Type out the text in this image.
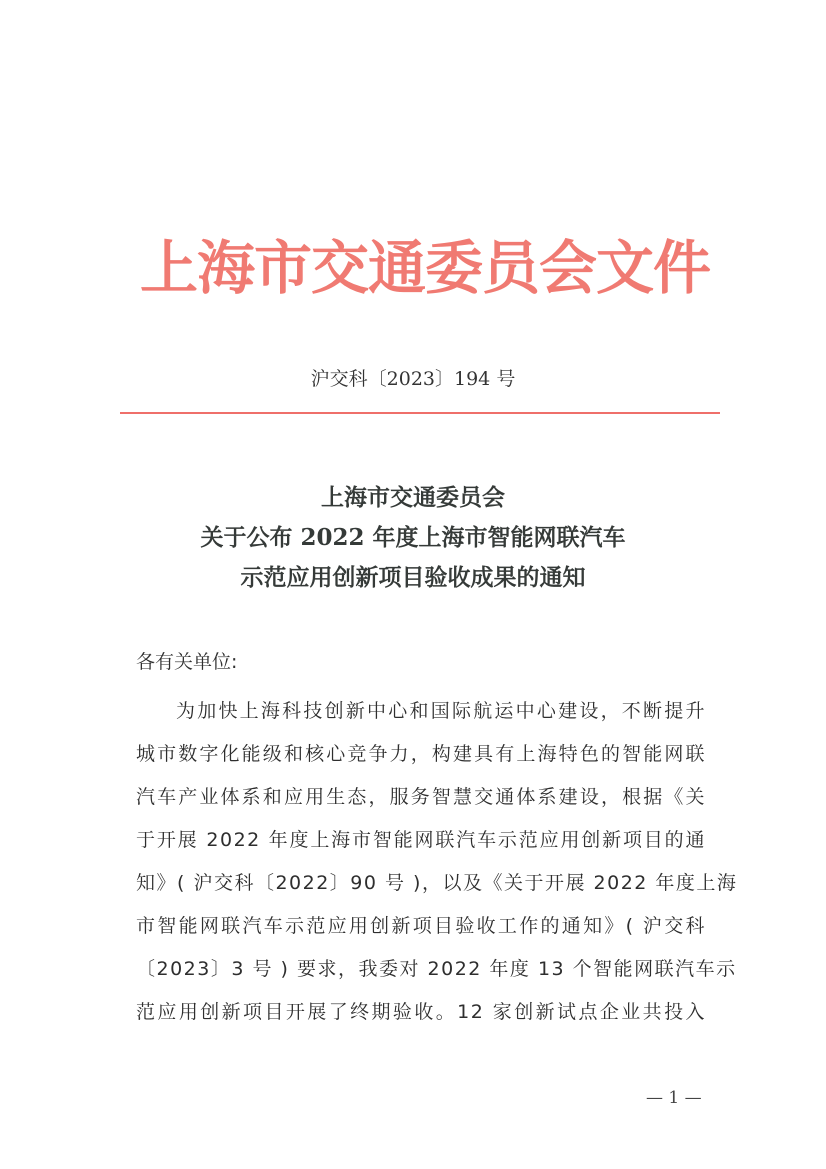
上
海
市
交
通
委
员
会
文
件
沪交科〔2023〕194 号
上海市交通委员会
关于公布 2022 年度上海市智能网联汽车
示范应用创新项目验收成果的通知
各有关单位:
为加快上海科技创新中心和国际航运中心建设，不断提升
城市数字化能级和核心竞争力，构建具有上海特色的智能网联
汽车产业体系和应用生态，服务智慧交通体系建设，根据《关
于开展 2022 年度上海市智能网联汽车示范应用创新项目的通
知》( 沪交科〔2022〕90 号 )，以及《关于开展 2022 年度上海
市智能网联汽车示范应用创新项目验收工作的通知》( 沪交科
〔2023〕3 号 ) 要求，我委对 2022 年度 13 个智能网联汽车示
范应用创新项目开展了终期验收。12 家创新试点企业共投入
— 1 —
